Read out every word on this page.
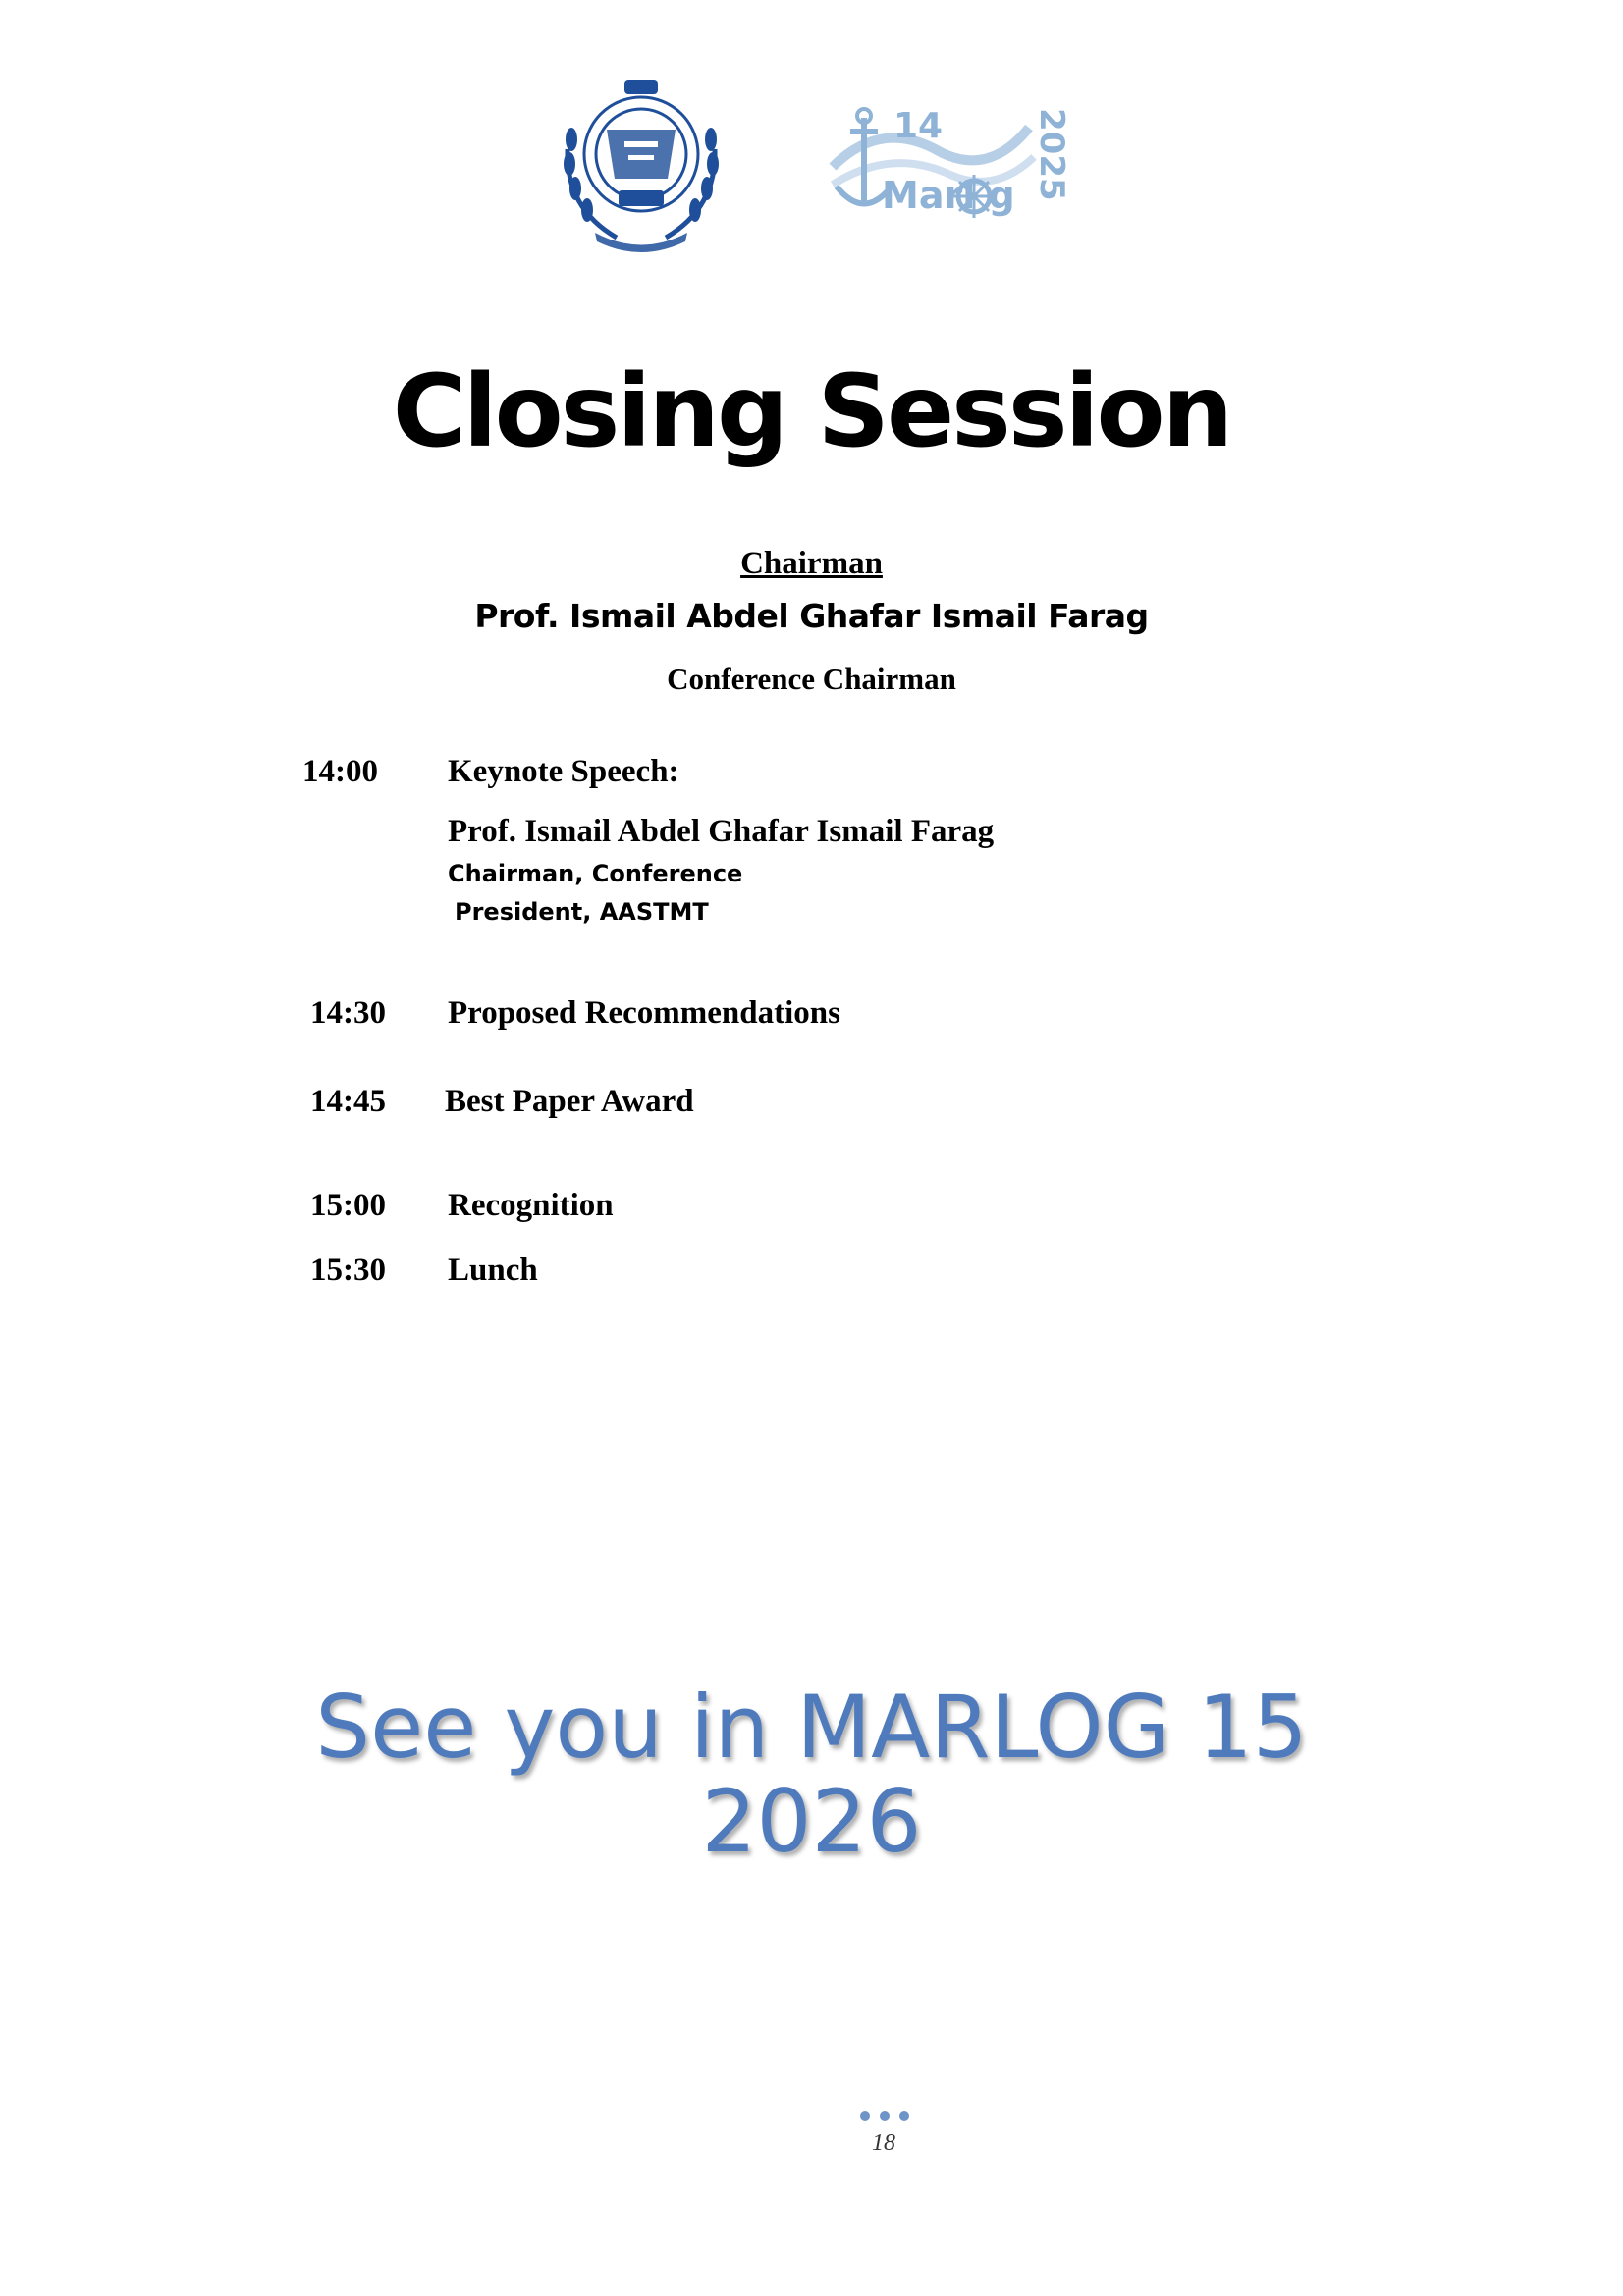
14
Marl g 2025
Closing Session
Chairman
Prof. Ismail Abdel Ghafar Ismail Farag
Conference Chairman
14:00 Keynote Speech:
Prof. Ismail Abdel Ghafar Ismail Farag
Chairman, Conference
President, AASTMT
14:30 Proposed Recommendations
14:45 Best Paper Award
15:00 Recognition
15:30 Lunch
See you in MARLOG 15
2026
18
